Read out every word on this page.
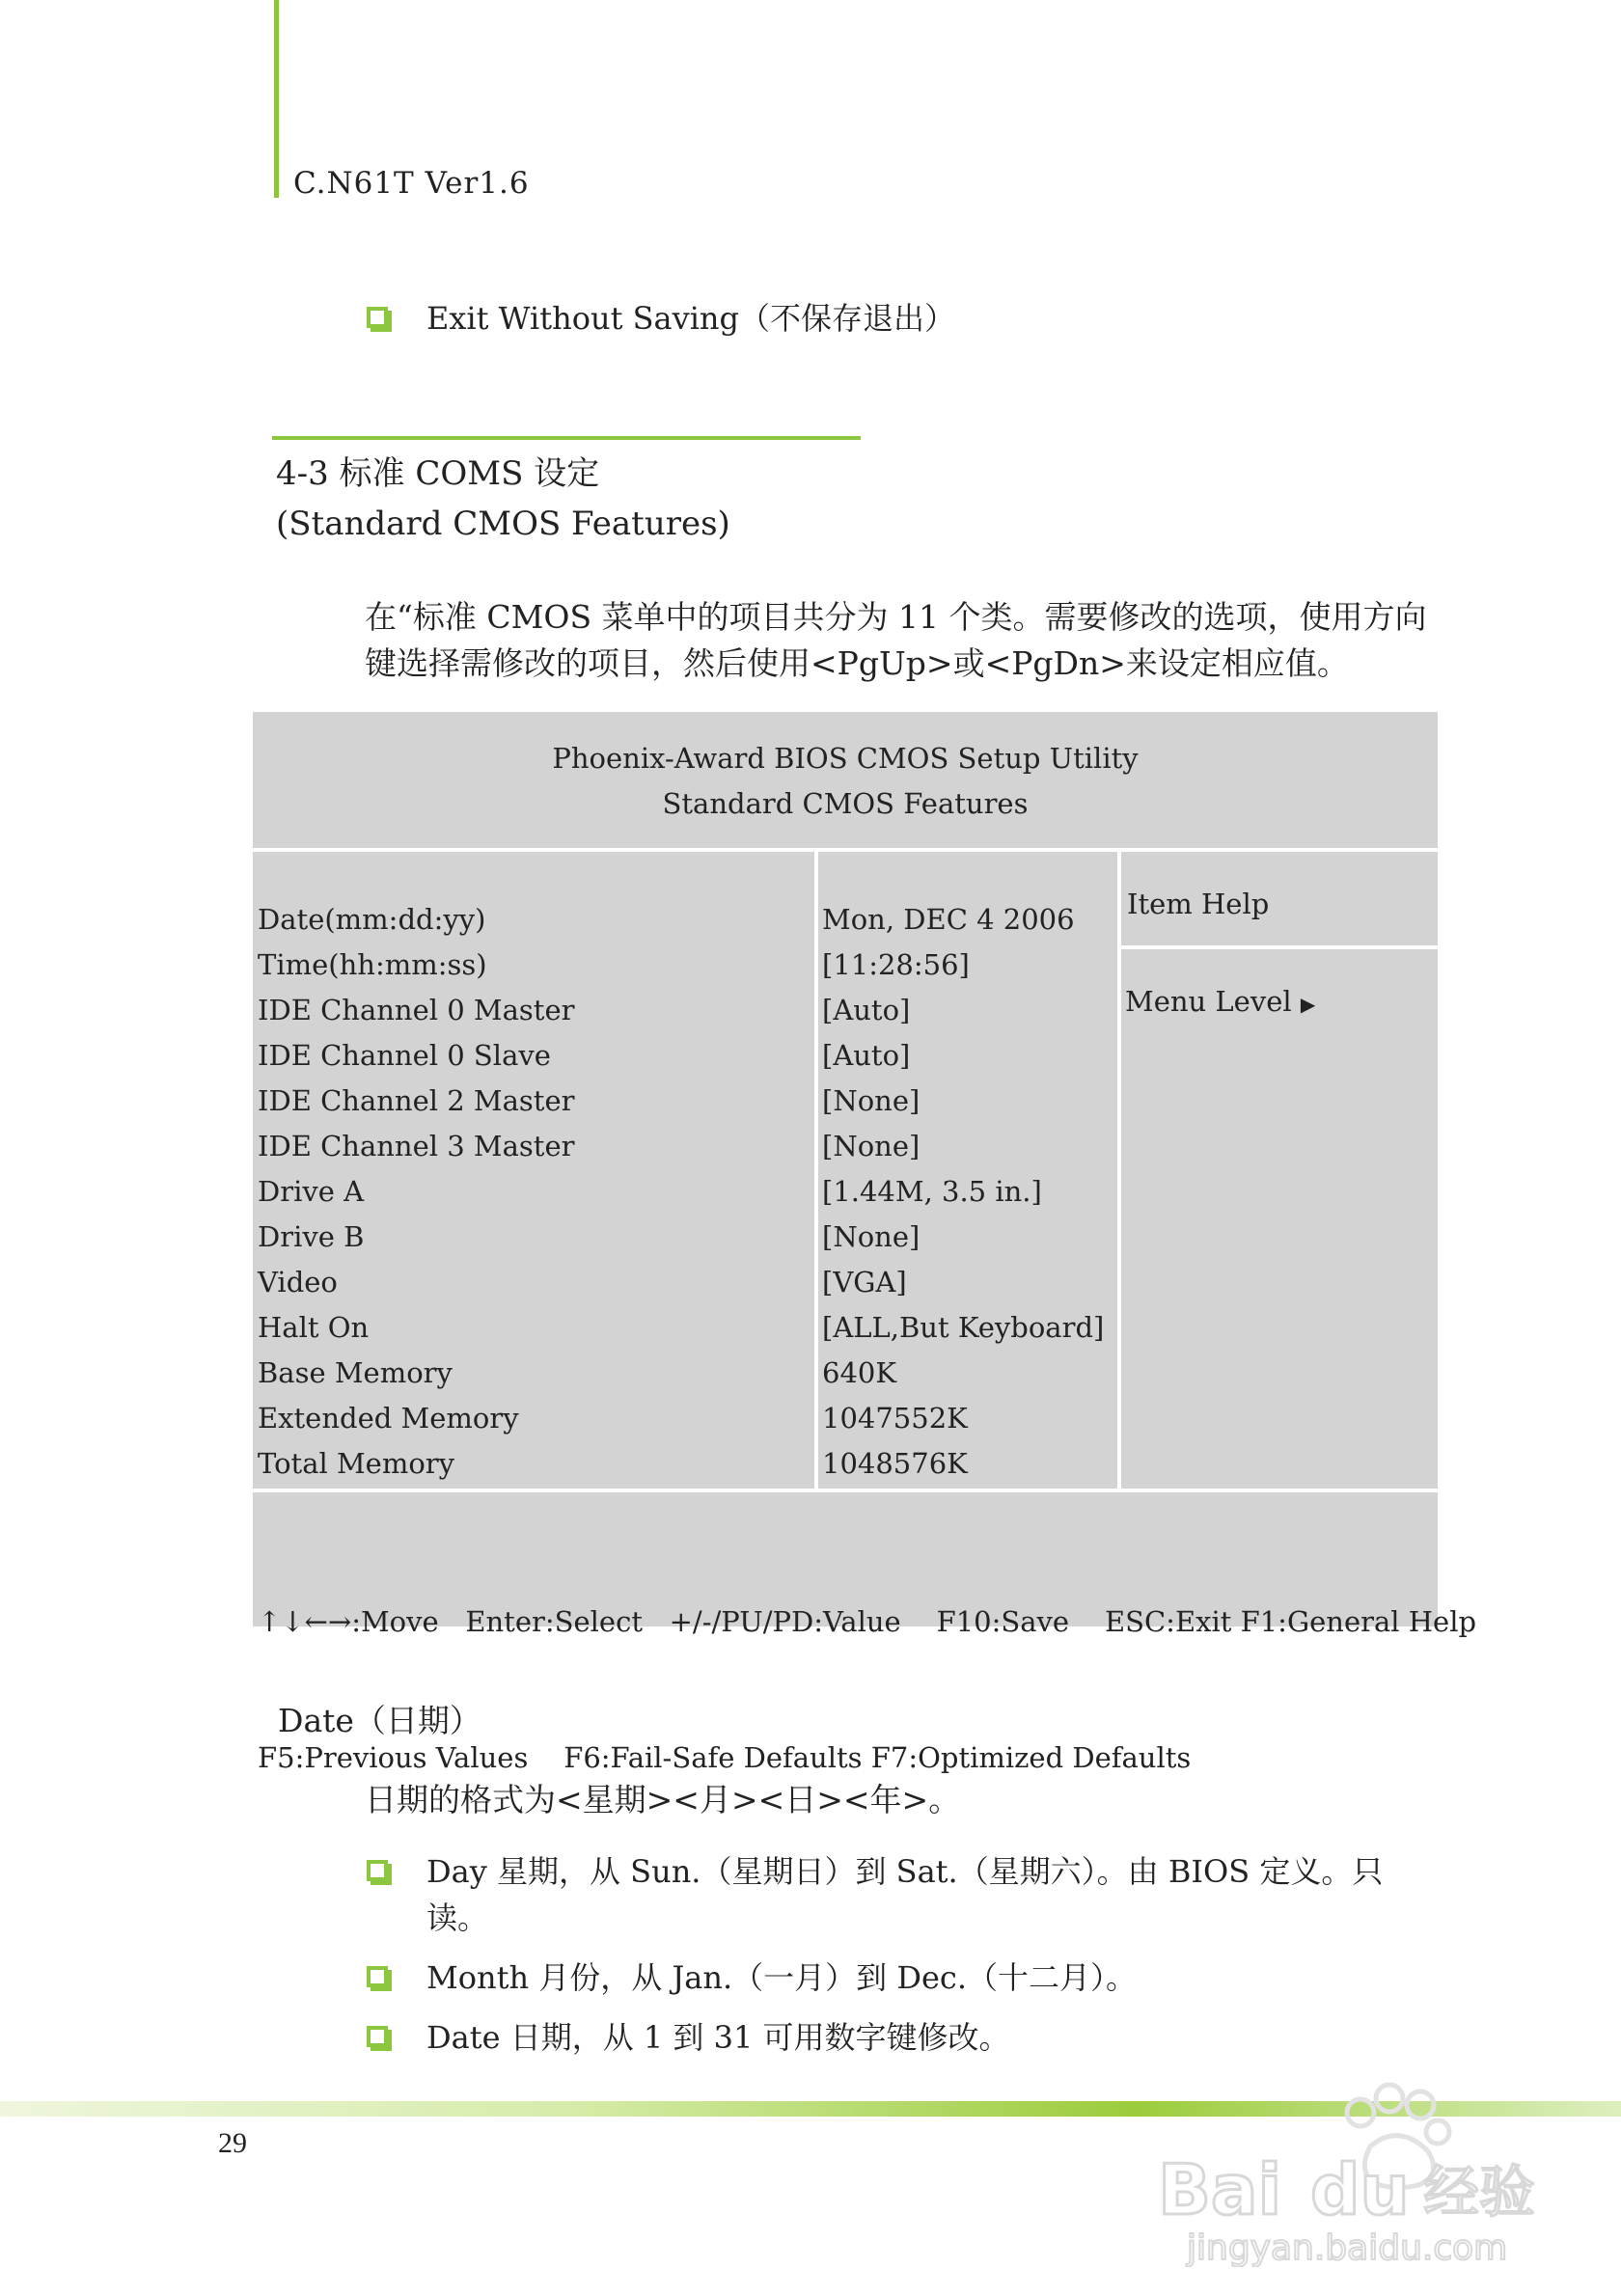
C.N61T Ver1.6
Exit Without Saving（不保存退出）
4-3 标准 COMS 设定
(Standard CMOS Features)
在“标准 CMOS 菜单中的项目共分为 11 个类。需要修改的选项，使用方向
键选择需修改的项目，然后使用<PgUp>或<PgDn>来设定相应值。
Phoenix-Award BIOS CMOS Setup Utility
Standard CMOS Features
Date(mm:dd:yy)
Time(hh:mm:ss)
IDE Channel 0 Master
IDE Channel 0 Slave
IDE Channel 2 Master
IDE Channel 3 Master
Drive A
Drive B
Video
Halt On
Base Memory
Extended Memory
Total Memory
Mon, DEC 4 2006
[11:28:56]
[Auto]
[Auto]
[None]
[None]
[1.44M, 3.5 in.]
[None]
[VGA]
[ALL,But Keyboard]
640K
1047552K
1048576K
Item Help
Menu Level ▶

↑↓←→:Move   Enter:Select   +/-/PU/PD:Value    F10:Save    ESC:Exit F1:General Help

F5:Previous Values    F6:Fail-Safe Defaults F7:Optimized Defaults

Date（日期）
日期的格式为<星期><月><日><年>。
Day 星期，从 Sun.（星期日）到 Sat.（星期六）。由 BIOS 定义。只
读。
Month 月份，从 Jan.（一月）到 Dec.（十二月）。
Date 日期，从 1 到 31 可用数字键修改。
29
Bai du 经验
jingyan.baidu.com
